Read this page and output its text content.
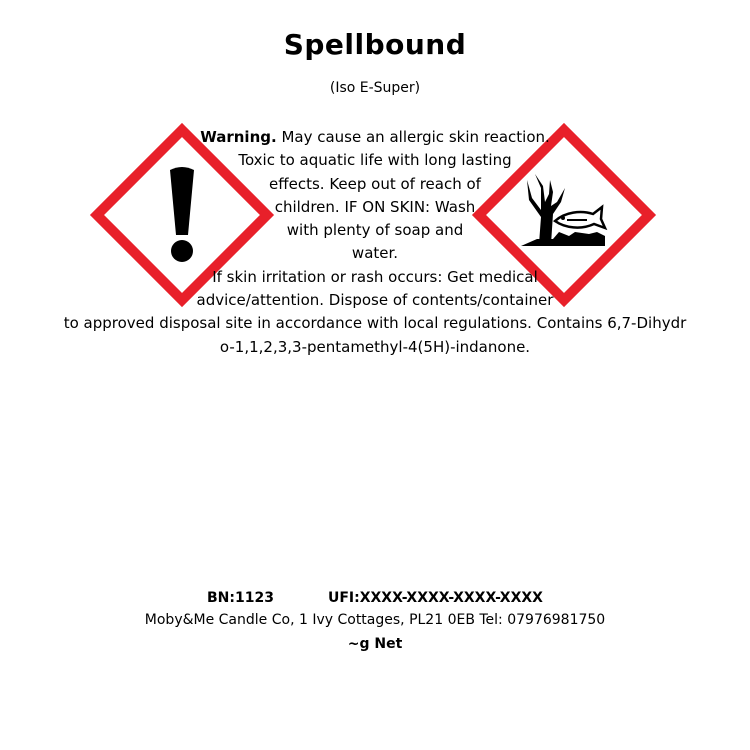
Spellbound
(Iso E-Super)
Warning. May cause an allergic skin reaction.
Toxic to aquatic life with long lasting
effects. Keep out of reach of
children. IF ON SKIN: Wash
with plenty of soap and
water.
If skin irritation or rash occurs: Get medical
advice/attention. Dispose of contents/container
to approved disposal site in accordance with local regulations. Contains 6,7-Dihydr
o-1,1,2,3,3-pentamethyl-4(5H)-indanone.
BN:1123	UFI:XXXX-XXXX-XXXX-XXXX
Moby&Me Candle Co, 1 Ivy Cottages, PL21 0EB Tel: 07976981750
~g Net
